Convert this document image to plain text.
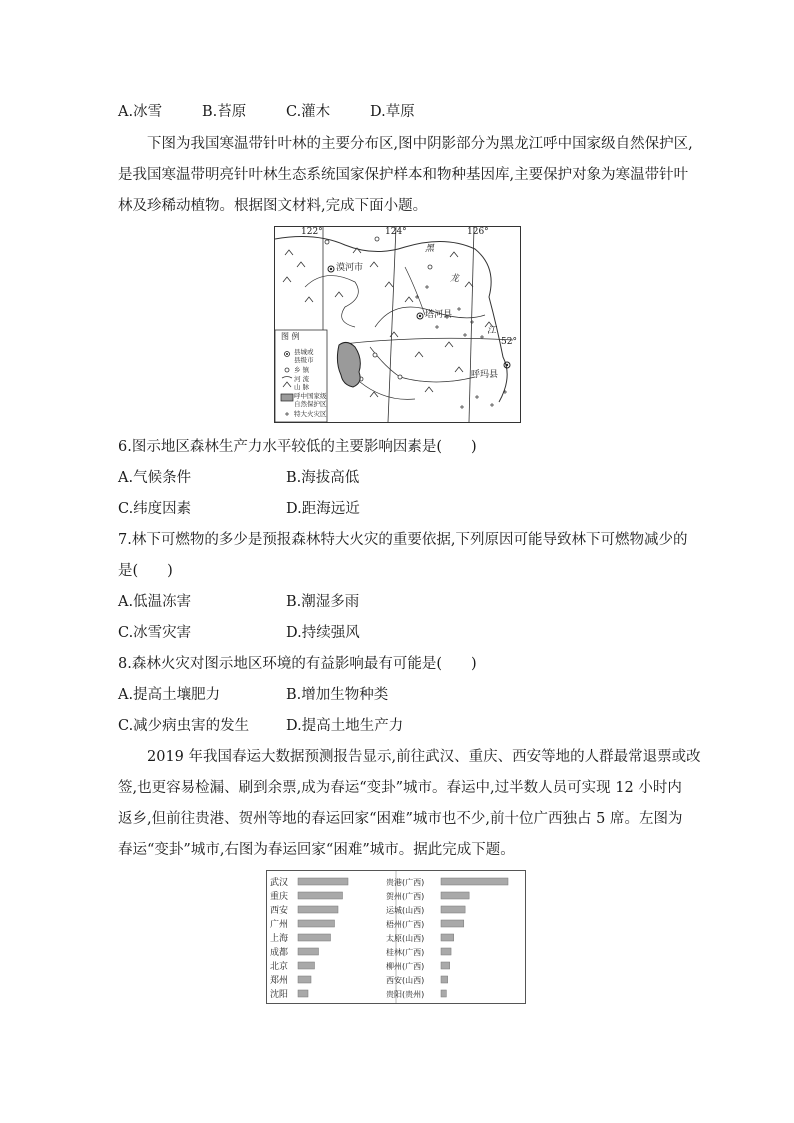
A.冰雪	B.苔原	C.灌木	D.草原
下图为我国寒温带针叶林的主要分布区,图中阴影部分为黑龙江呼中国家级自然保护区,
是我国寒温带明亮针叶林生态系统国家保护样本和物种基因库,主要保护对象为寒温带针叶
林及珍稀动植物。根据图文材料,完成下面小题。
122°	124°	126°
52°
漠河市
塔河县
呼玛县
黑
龙
江
图 例
县城或
县级市
乡 镇
河 流
山 脉
呼中国家级
自然保护区
特大火灾区
6.图示地区森林生产力水平较低的主要影响因素是(　　)
A.气候条件	B.海拔高低
C.纬度因素	D.距海远近
7.林下可燃物的多少是预报森林特大火灾的重要依据,下列原因可能导致林下可燃物减少的
是(　　)
A.低温冻害	B.潮湿多雨
C.冰雪灾害	D.持续强风
8.森林火灾对图示地区环境的有益影响最有可能是(　　)
A.提高土壤肥力	B.增加生物种类
C.减少病虫害的发生	D.提高土地生产力
2019 年我国春运大数据预测报告显示,前往武汉、重庆、西安等地的人群最常退票或改
签,也更容易检漏、刷到余票,成为春运“变卦”城市。春运中,过半数人员可实现 12 小时内
返乡,但前往贵港、贺州等地的春运回家“困难”城市也不少,前十位广西独占 5 席。左图为
春运“变卦”城市,右图为春运回家“困难”城市。据此完成下题。
武汉
重庆
西安
广州
上海
成都
北京
郑州
沈阳
贵港(广西)
贺州(广西)
运城(山西)
梧州(广西)
太原(山西)
桂林(广西)
柳州(广西)
西安(山西)
贵阳(贵州)
